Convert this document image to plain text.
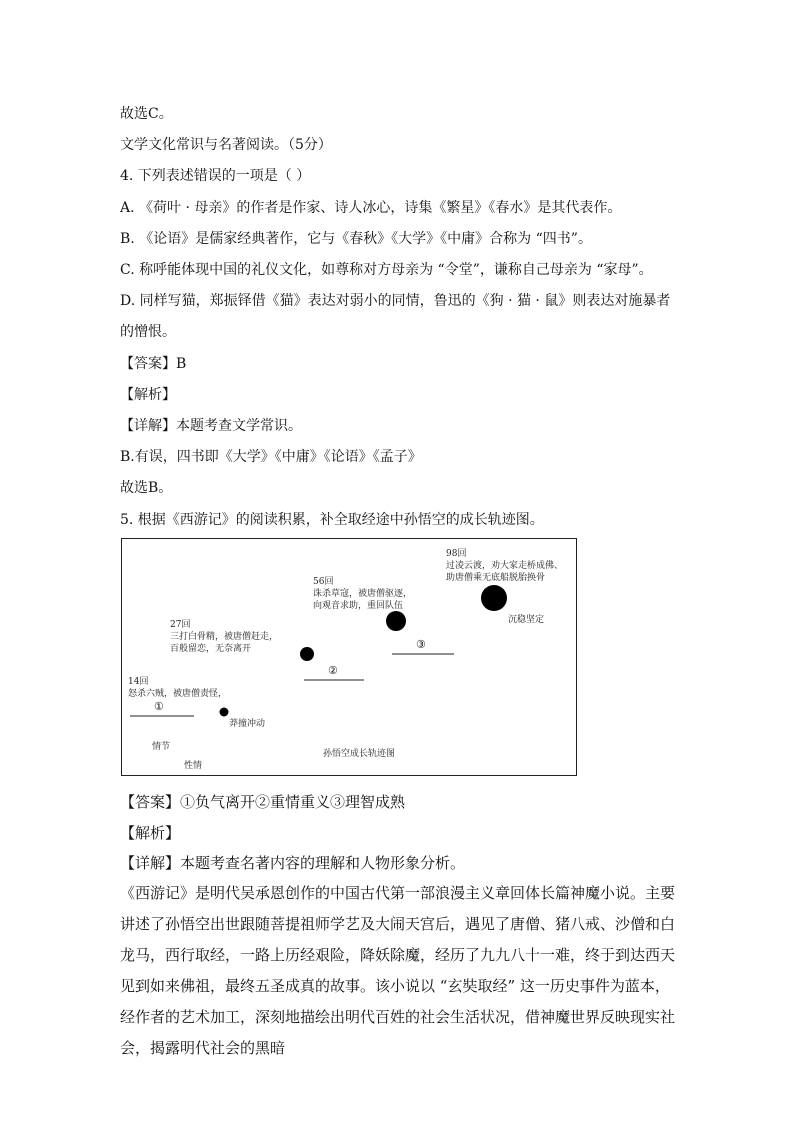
故选C。
文学文化常识与名著阅读。（5分）
4. 下列表述错误的一项是（ ）
A. 《荷叶 · 母亲》的作者是作家、诗人冰心，诗集《繁星》《春水》是其代表作。
B. 《论语》是儒家经典著作，它与《春秋》《大学》《中庸》合称为 “四书”。
C. 称呼能体现中国的礼仪文化，如尊称对方母亲为 “令堂”，谦称自己母亲为 “家母”。
D. 同样写猫，郑振铎借《猫》表达对弱小的同情，鲁迅的《狗 · 猫 · 鼠》则表达对施暴者
的憎恨。
【答案】B
【解析】
【详解】本题考查文学常识。
B.有误，四书即《大学》《中庸》《论语》《孟子》
故选B。
5. 根据《西游记》的阅读积累，补全取经途中孙悟空的成长轨迹图。
14回
怒杀六贼，被唐僧责怪，
莽撞冲动
①
27回
三打白骨精，被唐僧赶走，
百般留恋，无奈离开
②
56回
诛杀草寇，被唐僧驱逐，
向观音求助，重回队伍
③
98回
过凌云渡，劝大家走桥成佛、
助唐僧乘无底船脱胎换骨
沉稳坚定
情节
性情
孙悟空成长轨迹图
【答案】①负气离开②重情重义③理智成熟
【解析】
【详解】本题考查名著内容的理解和人物形象分析。
《西游记》是明代吴承恩创作的中国古代第一部浪漫主义章回体长篇神魔小说。主要讲述了孙悟空出世跟随菩提祖师学艺及大闹天宫后，遇见了唐僧、猪八戒、沙僧和白龙马，西行取经，一路上历经艰险，降妖除魔，经历了九九八十一难，终于到达西天见到如来佛祖，最终五圣成真的故事。该小说以 “玄奘取经” 这一历史事件为蓝本，经作者的艺术加工，深刻地描绘出明代百姓的社会生活状况，借神魔世界反映现实社会，揭露明代社会的黑暗
